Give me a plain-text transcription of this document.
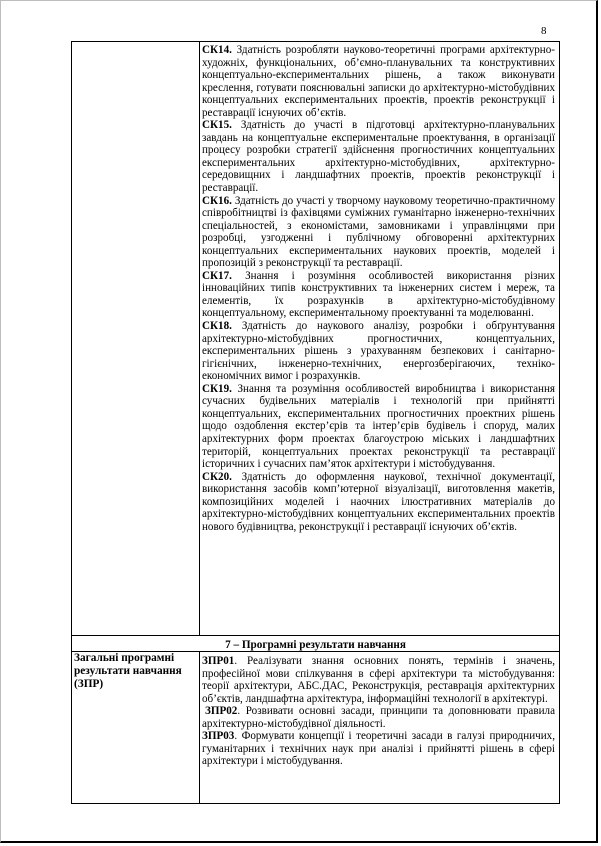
8

СК14. Здатність розробляти науково-теоретичні програми архітектурно-художніх, функціональних, об’ємно-планувальних та конструктивних концептуально-експериментальних рішень, а також виконувати креслення, готувати пояснювальні записки до архітектурно-містобудівних концептуальних експериментальних проектів, проектів реконструкції і реставрації існуючих об’єктів.

СК15. Здатність до участі в підготовці архітектурно-планувальних завдань на концептуальне експериментальне проектування, в організації процесу розробки стратегії здійснення прогностичних концептуальних експериментальних архітектурно-містобудівних, архітектурно-середовищних і ландшафтних проектів, проектів реконструкції і реставрації.

СК16. Здатність до участі у творчому науковому теоретично-практичному співробітництві із фахівцями суміжних гуманітарно інженерно-технічних спеціальностей, з економістами, замовниками і управлінцями при розробці, узгодженні і публічному обговоренні архітектурних концептуальних експериментальних наукових проектів, моделей і пропозицій з реконструкції та реставрації.

СК17. Знання і розуміння особливостей використання різних інноваційних типів конструктивних та інженерних систем і мереж, та елементів, їх розрахунків в архітектурно-містобудівному концептуальному, експериментальному проектуванні та моделюванні.

СК18. Здатність до наукового аналізу, розробки і обґрунтування архітектурно-містобудівних прогностичних, концептуальних, експериментальних рішень з урахуванням безпекових і санітарно-гігієнічних, інженерно-технічних, енергозберігаючих, техніко-економічних вимог і розрахунків.

СК19. Знання та розуміння особливостей виробництва і використання сучасних будівельних матеріалів і технологій при прийнятті концептуальних, експериментальних прогностичних проектних рішень щодо оздоблення екстер’єрів та інтер’єрів будівель і споруд, малих архітектурних форм проектах благоустрою міських і ландшафтних територій, концептуальних проектах реконструкції та реставрації історичних і сучасних пам’яток архітектури і містобудування.

СК20. Здатність до оформлення наукової, технічної документації, використання засобів комп’ютерної візуалізації, виготовлення макетів, композиційних моделей і наочних ілюстративних матеріалів до архітектурно-містобудівних концептуальних експериментальних проектів нового будівництва, реконструкції і реставрації існуючих об’єктів.

7 – Програмні результати навчання
Загальні програмні результати навчання (ЗПР)

ЗПР01. Реалізувати знання основних понять, термінів і значень, професійної мови спілкування в сфері архітектури та містобудування: теорії архітектури, АБС.ДАС, Реконструкція, реставрація архітектурних об’єктів, ландшафтна архітектура, інформаційні технології в архітектурі.

ЗПР02. Розвивати основні засади, принципи та доповнювати правила архітектурно-містобудівної діяльності.

ЗПР03. Формувати концепції і теоретичні засади в галузі природничих, гуманітарних і технічних наук при аналізі і прийнятті рішень в сфері архітектури і містобудування.
